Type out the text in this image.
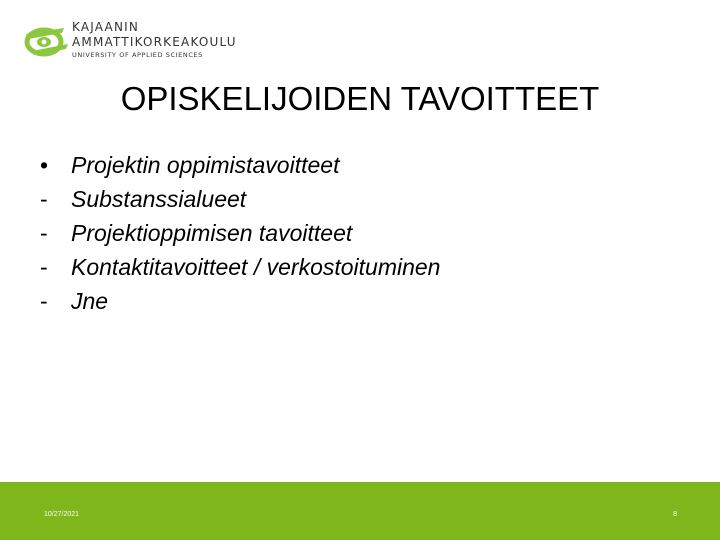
KAJAANIN
AMMATTIKORKEAKOULU
UNIVERSITY OF APPLIED SCIENCES
OPISKELIJOIDEN TAVOITTEET
• Projektin oppimistavoitteet
- Substanssialueet
- Projektioppimisen tavoitteet
- Kontaktitavoitteet / verkostoituminen
- Jne
10/27/2021	8
